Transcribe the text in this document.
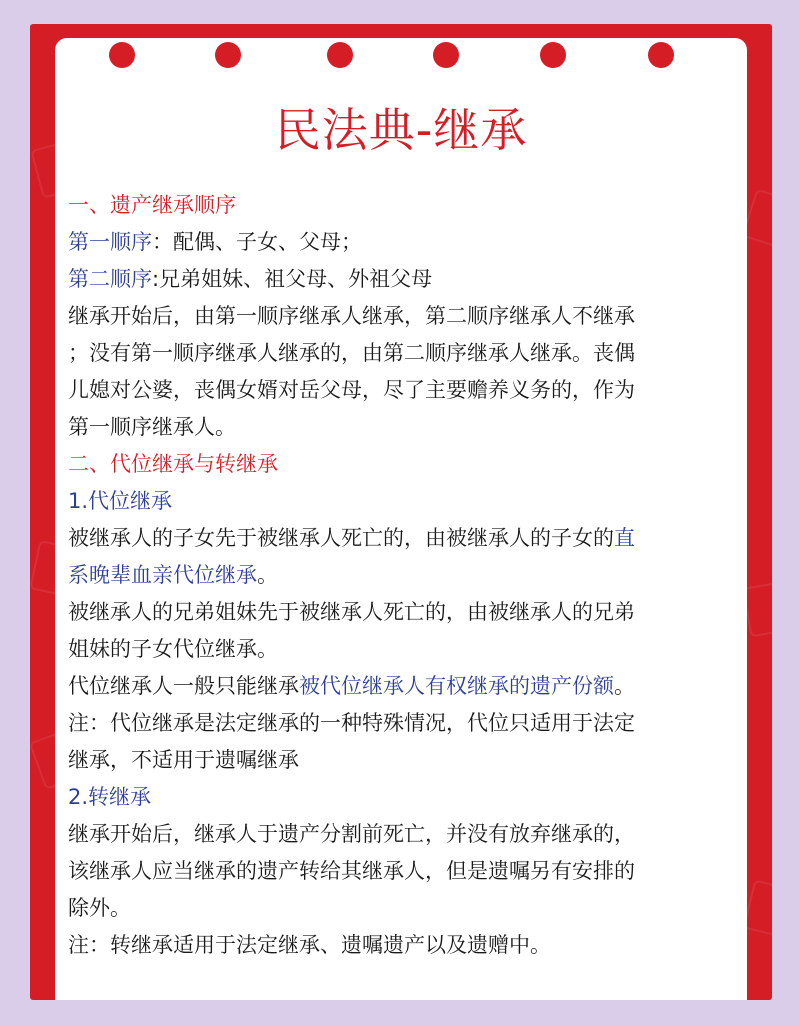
民法典-继承

一、遗产继承顺序

第一顺序：配偶、子女、父母；

第二顺序:兄弟姐妹、祖父母、外祖父母

继承开始后，由第一顺序继承人继承，第二顺序继承人不继承

；没有第一顺序继承人继承的，由第二顺序继承人继承。丧偶

儿媳对公婆，丧偶女婿对岳父母，尽了主要赡养义务的，作为

第一顺序继承人。

二、代位继承与转继承

1.代位继承

被继承人的子女先于被继承人死亡的，由被继承人的子女的直

系晚辈血亲代位继承。

被继承人的兄弟姐妹先于被继承人死亡的，由被继承人的兄弟

姐妹的子女代位继承。

代位继承人一般只能继承被代位继承人有权继承的遗产份额。

注：代位继承是法定继承的一种特殊情况，代位只适用于法定

继承，不适用于遗嘱继承

2.转继承

继承开始后，继承人于遗产分割前死亡，并没有放弃继承的，

该继承人应当继承的遗产转给其继承人，但是遗嘱另有安排的

除外。

注：转继承适用于法定继承、遗嘱遗产以及遗赠中。
